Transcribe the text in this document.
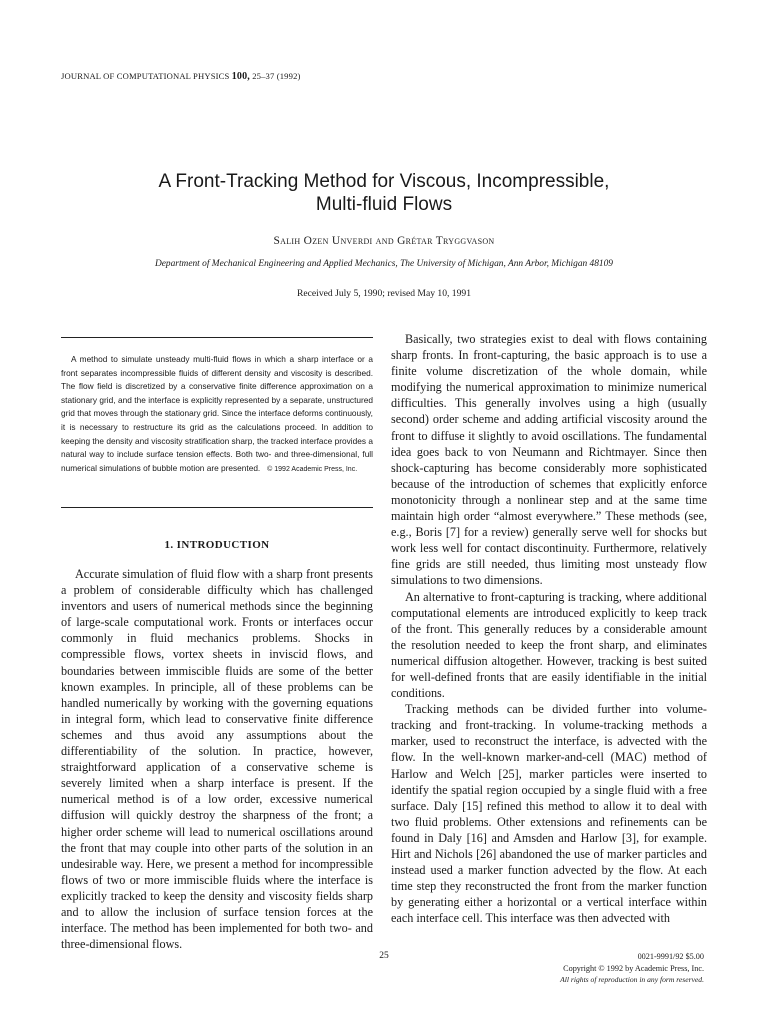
JOURNAL OF COMPUTATIONAL PHYSICS 100, 25–37 (1992)
A Front-Tracking Method for Viscous, Incompressible,
Multi-fluid Flows
Salih Ozen Unverdi and Grétar Tryggvason
Department of Mechanical Engineering and Applied Mechanics, The University of Michigan, Ann Arbor, Michigan 48109
Received July 5, 1990; revised May 10, 1991
A method to simulate unsteady multi-fluid flows in which a sharp interface or a front separates incompressible fluids of different density and viscosity is described. The flow field is discretized by a conservative finite difference approximation on a stationary grid, and the interface is explicitly represented by a separate, unstructured grid that moves through the stationary grid. Since the interface deforms continuously, it is necessary to restructure its grid as the calculations proceed. In addition to keeping the density and viscosity stratification sharp, the tracked interface provides a natural way to include surface tension effects. Both two- and three-dimensional, full numerical simulations of bubble motion are presented. © 1992 Academic Press, Inc.
1. INTRODUCTION

Accurate simulation of fluid flow with a sharp front presents a problem of considerable difficulty which has challenged inventors and users of numerical methods since the beginning of large-scale computational work. Fronts or interfaces occur commonly in fluid mechanics problems. Shocks in compressible flows, vortex sheets in inviscid flows, and boundaries between immiscible fluids are some of the better known examples. In principle, all of these problems can be handled numerically by working with the governing equations in integral form, which lead to conservative finite difference schemes and thus avoid any assumptions about the differentiability of the solution. In practice, however, straightforward application of a conservative scheme is severely limited when a sharp interface is present. If the numerical method is of a low order, excessive numerical diffusion will quickly destroy the sharpness of the front; a higher order scheme will lead to numerical oscillations around the front that may couple into other parts of the solution in an undesirable way. Here, we present a method for incompressible flows of two or more immiscible fluids where the interface is explicitly tracked to keep the density and viscosity fields sharp and to allow the inclusion of surface tension forces at the interface. The method has been implemented for both two- and three-dimensional flows.

Basically, two strategies exist to deal with flows containing sharp fronts. In front-capturing, the basic approach is to use a finite volume discretization of the whole domain, while modifying the numerical approximation to minimize numerical difficulties. This generally involves using a high (usually second) order scheme and adding artificial viscosity around the front to diffuse it slightly to avoid oscillations. The fundamental idea goes back to von Neumann and Richtmayer. Since then shock-capturing has become considerably more sophisticated because of the introduction of schemes that explicitly enforce monotonicity through a nonlinear step and at the same time maintain high order “almost everywhere.” These methods (see, e.g., Boris [7] for a review) generally serve well for shocks but work less well for contact discontinuity. Furthermore, relatively fine grids are still needed, thus limiting most unsteady flow simulations to two dimensions.

An alternative to front-capturing is tracking, where additional computational elements are introduced explicitly to keep track of the front. This generally reduces by a considerable amount the resolution needed to keep the front sharp, and eliminates numerical diffusion altogether. However, tracking is best suited for well-defined fronts that are easily identifiable in the initial conditions.

Tracking methods can be divided further into volume-tracking and front-tracking. In volume-tracking methods a marker, used to reconstruct the interface, is advected with the flow. In the well-known marker-and-cell (MAC) method of Harlow and Welch [25], marker particles were inserted to identify the spatial region occupied by a single fluid with a free surface. Daly [15] refined this method to allow it to deal with two fluid problems. Other extensions and refinements can be found in Daly [16] and Amsden and Harlow [3], for example. Hirt and Nichols [26] abandoned the use of marker particles and instead used a marker function advected by the flow. At each time step they reconstructed the front from the marker function by generating either a horizontal or a vertical interface within each interface cell. This interface was then advected with

25	0021-9991/92 $5.00
Copyright © 1992 by Academic Press, Inc.
All rights of reproduction in any form reserved.
